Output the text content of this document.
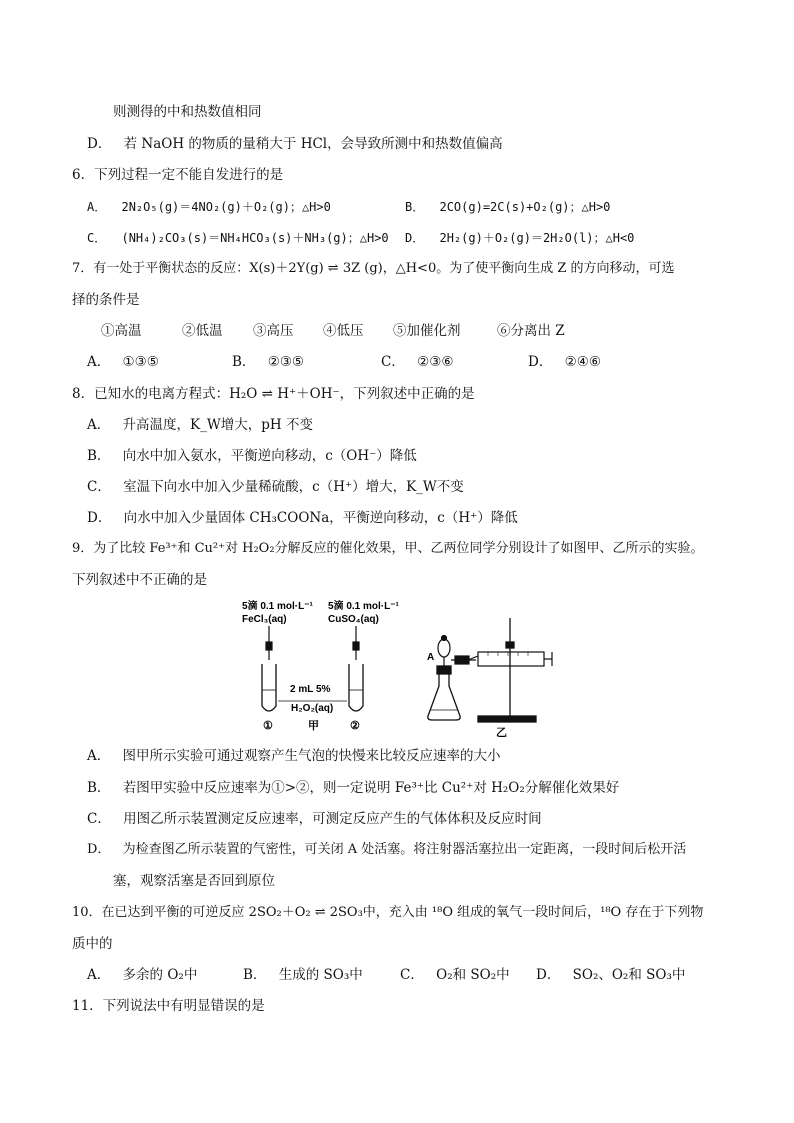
则测得的中和热数值相同
D． 若 NaOH 的物质的量稍大于 HCl，会导致所测中和热数值偏高
6．下列过程一定不能自发进行的是
A． 2N₂O₅(g)＝4NO₂(g)＋O₂(g)；△H>0	B． 2CO(g)=2C(s)+O₂(g)；△H>0
C． (NH₄)₂CO₃(s)＝NH₄HCO₃(s)＋NH₃(g)；△H>0 D． 2H₂(g)＋O₂(g)＝2H₂O(l)；△H<0
7．有一处于平衡状态的反应：X(s)＋2Y(g) ⇌ 3Z (g)，△H<0。为了使平衡向生成 Z 的方向移动，可选
择的条件是
①高温	②低温 ③高压 ④低压 ⑤加催化剂	⑥分离出 Z
A． ①③⑤	B． ②③⑤	C． ②③⑥	D． ②④⑥
8．已知水的电离方程式：H₂O ⇌ H⁺＋OH⁻，下列叙述中正确的是
A． 升高温度，K_W增大，pH 不变
B． 向水中加入氨水，平衡逆向移动，c（OH⁻）降低
C． 室温下向水中加入少量稀硫酸，c（H⁺）增大，K_W不变
D． 向水中加入少量固体 CH₃COONa，平衡逆向移动，c（H⁺）降低
9．为了比较 Fe³⁺和 Cu²⁺对 H₂O₂分解反应的催化效果，甲、乙两位同学分别设计了如图甲、乙所示的实验。
下列叙述中不正确的是
5滴 0.1 mol·L⁻¹
FeCl₃(aq)
5滴 0.1 mol·L⁻¹
CuSO₄(aq)
2 mL 5%
H₂O₂(aq)
①	甲	②
A
乙
A． 图甲所示实验可通过观察产生气泡的快慢来比较反应速率的大小
B． 若图甲实验中反应速率为①>②，则一定说明 Fe³⁺比 Cu²⁺对 H₂O₂分解催化效果好
C． 用图乙所示装置测定反应速率，可测定反应产生的气体体积及反应时间
D． 为检查图乙所示装置的气密性，可关闭 A 处活塞。将注射器活塞拉出一定距离，一段时间后松开活
塞，观察活塞是否回到原位
10．在已达到平衡的可逆反应 2SO₂＋O₂ ⇌ 2SO₃中，充入由 ¹⁸O 组成的氧气一段时间后，¹⁸O 存在于下列物
质中的
A． 多余的 O₂中	B． 生成的 SO₃中	C． O₂和 SO₂中 D． SO₂、O₂和 SO₃中
11．下列说法中有明显错误的是
